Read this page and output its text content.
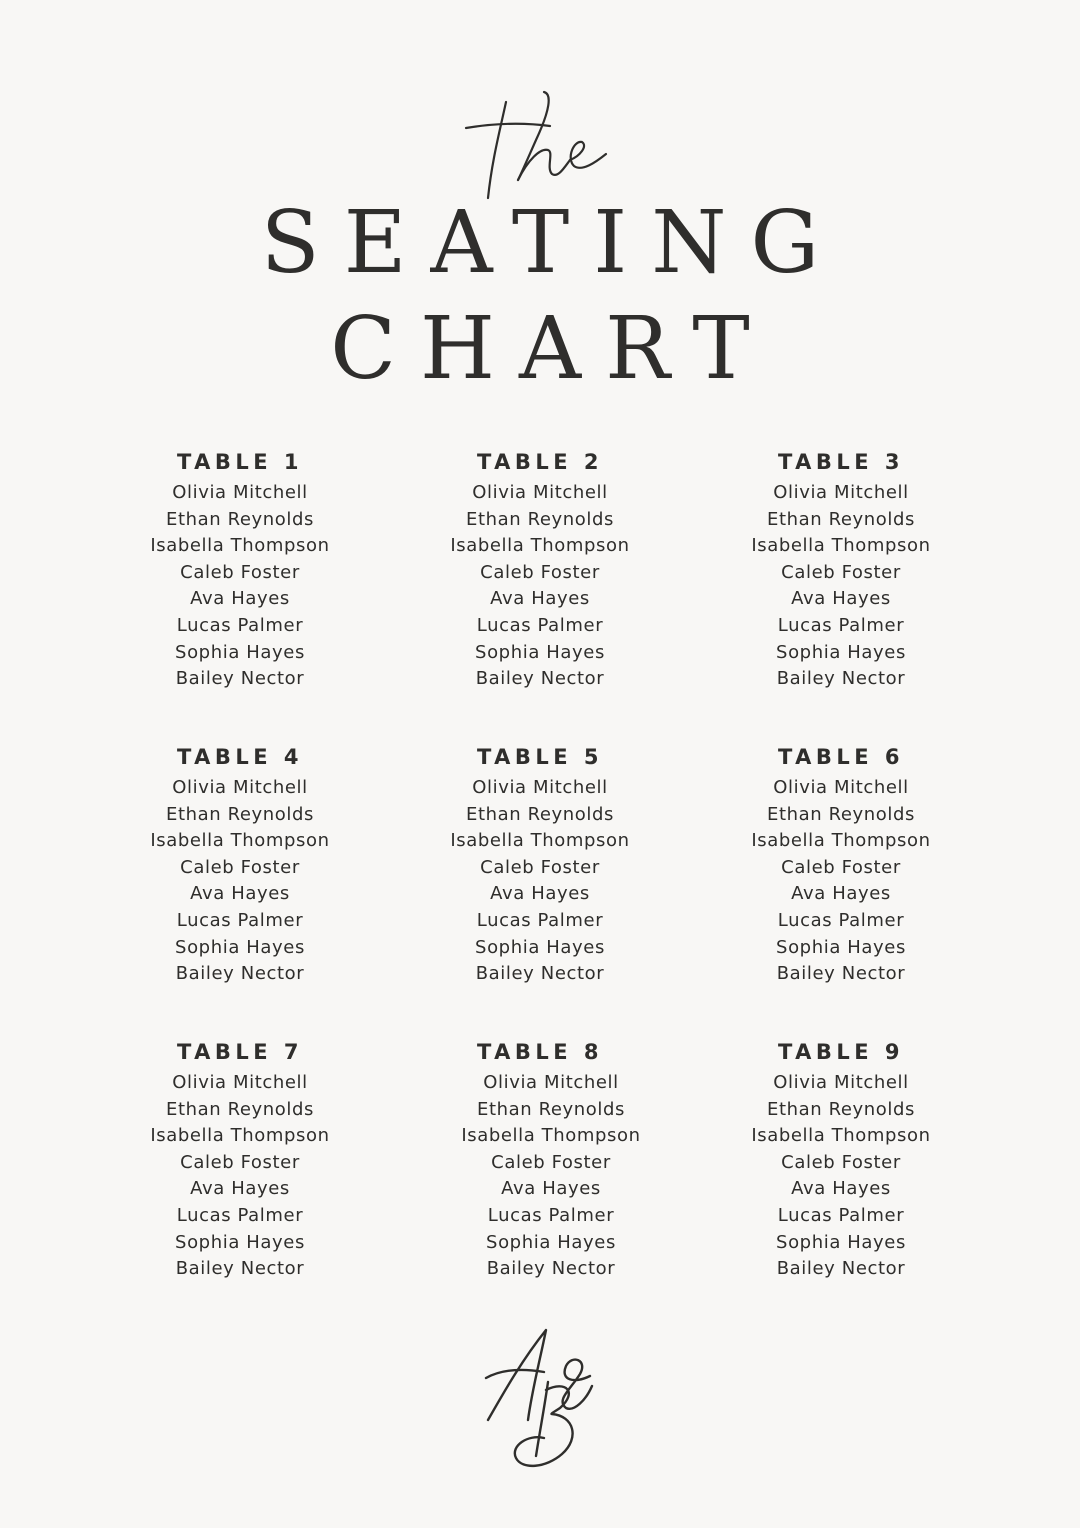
SEATING
CHART
TABLE 1
Olivia Mitchell
Ethan Reynolds
Isabella Thompson
Caleb Foster
Ava Hayes
Lucas Palmer
Sophia Hayes
Bailey Nector
TABLE 2
Olivia Mitchell
Ethan Reynolds
Isabella Thompson
Caleb Foster
Ava Hayes
Lucas Palmer
Sophia Hayes
Bailey Nector
TABLE 3
Olivia Mitchell
Ethan Reynolds
Isabella Thompson
Caleb Foster
Ava Hayes
Lucas Palmer
Sophia Hayes
Bailey Nector
TABLE 4
Olivia Mitchell
Ethan Reynolds
Isabella Thompson
Caleb Foster
Ava Hayes
Lucas Palmer
Sophia Hayes
Bailey Nector
TABLE 5
Olivia Mitchell
Ethan Reynolds
Isabella Thompson
Caleb Foster
Ava Hayes
Lucas Palmer
Sophia Hayes
Bailey Nector
TABLE 6
Olivia Mitchell
Ethan Reynolds
Isabella Thompson
Caleb Foster
Ava Hayes
Lucas Palmer
Sophia Hayes
Bailey Nector
TABLE 7
Olivia Mitchell
Ethan Reynolds
Isabella Thompson
Caleb Foster
Ava Hayes
Lucas Palmer
Sophia Hayes
Bailey Nector
TABLE 8
Olivia Mitchell
Ethan Reynolds
Isabella Thompson
Caleb Foster
Ava Hayes
Lucas Palmer
Sophia Hayes
Bailey Nector
TABLE 9
Olivia Mitchell
Ethan Reynolds
Isabella Thompson
Caleb Foster
Ava Hayes
Lucas Palmer
Sophia Hayes
Bailey Nector
